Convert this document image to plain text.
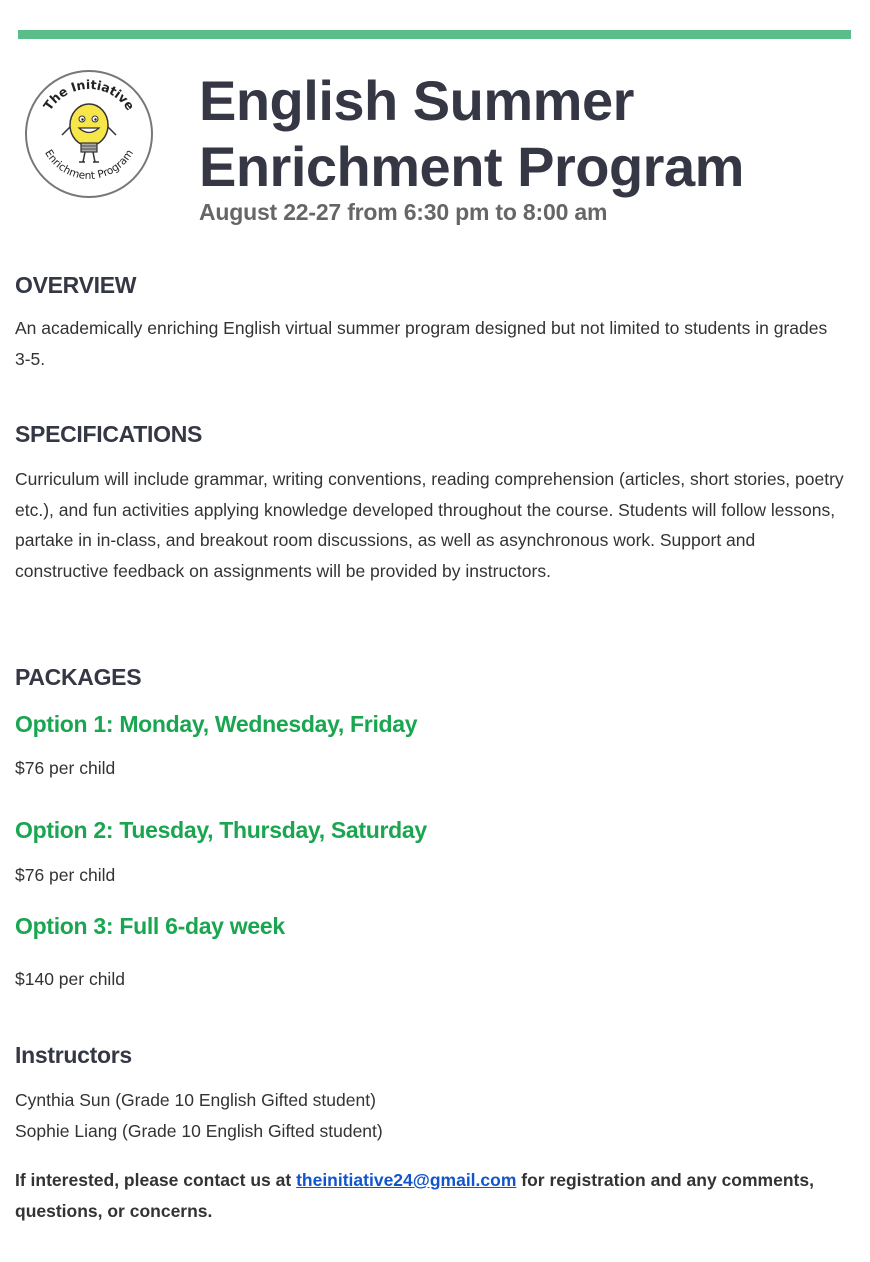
The Initiative
Enrichment Program
English Summer
Enrichment Program

August 22-27 from 6:30 pm to 8:00 am

OVERVIEW

An academically enriching English virtual summer program designed but not limited to students in grades 3-5.

SPECIFICATIONS

Curriculum will include grammar, writing conventions, reading comprehension (articles, short stories, poetry etc.), and fun activities applying knowledge developed throughout the course. Students will follow lessons, partake in in-class, and breakout room discussions, as well as asynchronous work. Support and constructive feedback on assignments will be provided by instructors.

PACKAGES
Option 1: Monday, Wednesday, Friday

$76 per child

Option 2: Tuesday, Thursday, Saturday

$76 per child

Option 3: Full 6-day week

$140 per child

Instructors

Cynthia Sun (Grade 10 English Gifted student)

Sophie Liang (Grade 10 English Gifted student)

If interested, please contact us at theinitiative24@gmail.com for registration and any comments, questions, or concerns.
